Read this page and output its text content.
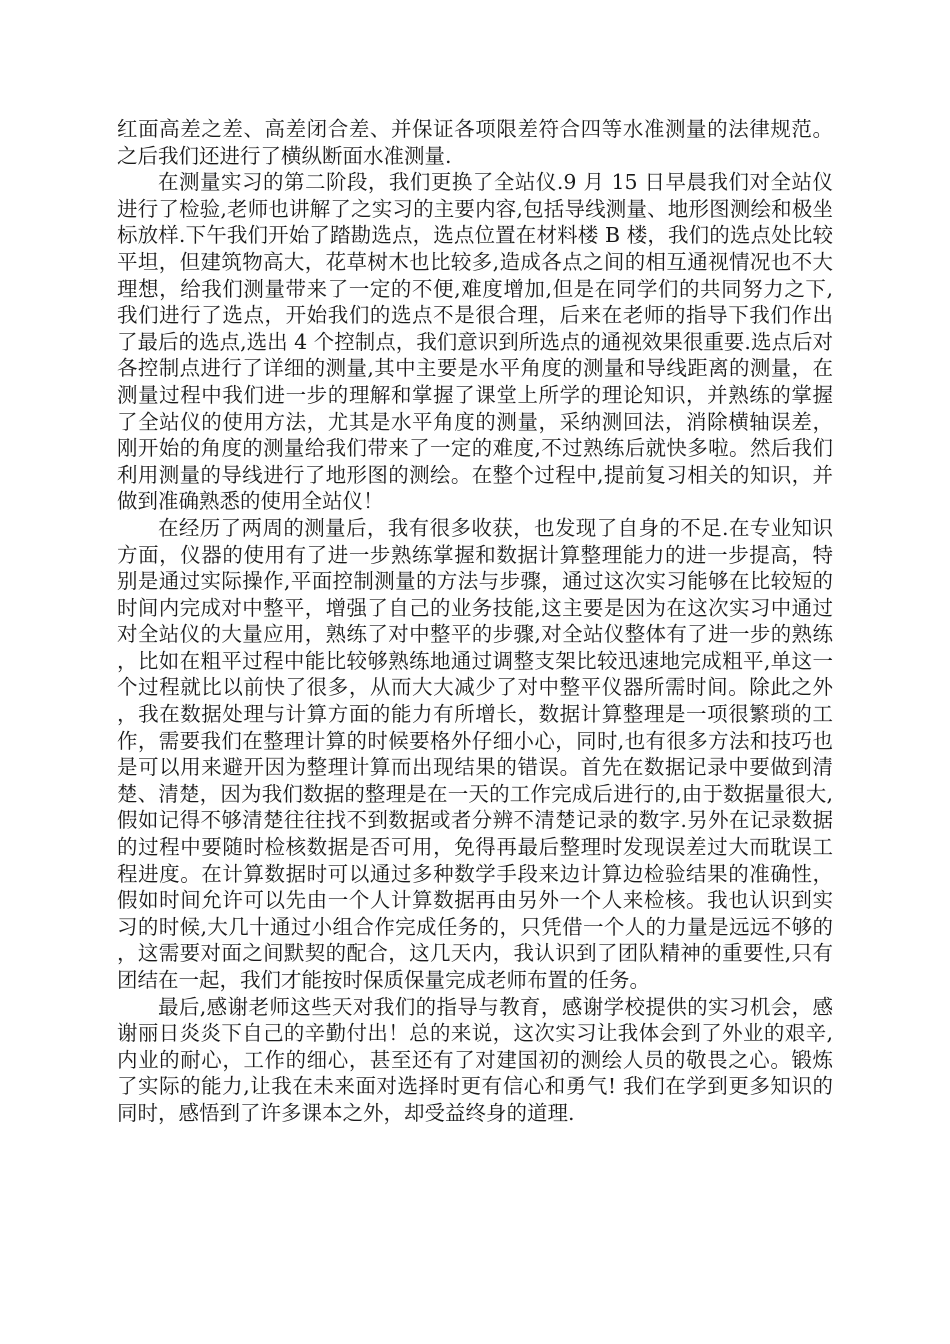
红面高差之差、高差闭合差、并保证各项限差符合四等水准测量的法律规范。之后我们还进行了横纵断面水准测量.

在测量实习的第二阶段，我们更换了全站仪.9 月 15 日早晨我们对全站仪进行了检验,老师也讲解了之实习的主要内容,包括导线测量、地形图测绘和极坐标放样.下午我们开始了踏勘选点，选点位置在材料楼 B 楼，我们的选点处比较平坦，但建筑物高大，花草树木也比较多,造成各点之间的相互通视情况也不大理想，给我们测量带来了一定的不便,难度增加,但是在同学们的共同努力之下,我们进行了选点，开始我们的选点不是很合理，后来在老师的指导下我们作出了最后的选点,选出 4 个控制点，我们意识到所选点的通视效果很重要.选点后对各控制点进行了详细的测量,其中主要是水平角度的测量和导线距离的测量，在测量过程中我们进一步的理解和掌握了课堂上所学的理论知识，并熟练的掌握了全站仪的使用方法，尤其是水平角度的测量，采纳测回法，消除横轴误差，刚开始的角度的测量给我们带来了一定的难度,不过熟练后就快多啦。然后我们利用测量的导线进行了地形图的测绘。在整个过程中,提前复习相关的知识，并做到准确熟悉的使用全站仪！

在经历了两周的测量后，我有很多收获，也发现了自身的不足.在专业知识方面，仪器的使用有了进一步熟练掌握和数据计算整理能力的进一步提高，特别是通过实际操作,平面控制测量的方法与步骤，通过这次实习能够在比较短的时间内完成对中整平，增强了自己的业务技能,这主要是因为在这次实习中通过对全站仪的大量应用，熟练了对中整平的步骤,对全站仪整体有了进一步的熟练，比如在粗平过程中能比较够熟练地通过调整支架比较迅速地完成粗平,单这一个过程就比以前快了很多，从而大大减少了对中整平仪器所需时间。除此之外，我在数据处理与计算方面的能力有所增长，数据计算整理是一项很繁琐的工作，需要我们在整理计算的时候要格外仔细小心，同时,也有很多方法和技巧也是可以用来避开因为整理计算而出现结果的错误。首先在数据记录中要做到清楚、清楚，因为我们数据的整理是在一天的工作完成后进行的,由于数据量很大,假如记得不够清楚往往找不到数据或者分辨不清楚记录的数字.另外在记录数据的过程中要随时检核数据是否可用，免得再最后整理时发现误差过大而耽误工程进度。在计算数据时可以通过多种数学手段来边计算边检验结果的准确性，假如时间允许可以先由一个人计算数据再由另外一个人来检核。我也认识到实习的时候,大几十通过小组合作完成任务的，只凭借一个人的力量是远远不够的，这需要对面之间默契的配合，这几天内，我认识到了团队精神的重要性,只有团结在一起，我们才能按时保质保量完成老师布置的任务。

最后,感谢老师这些天对我们的指导与教育，感谢学校提供的实习机会，感谢丽日炎炎下自己的辛勤付出！总的来说，这次实习让我体会到了外业的艰辛,内业的耐心，工作的细心，甚至还有了对建国初的测绘人员的敬畏之心。锻炼了实际的能力,让我在未来面对选择时更有信心和勇气! 我们在学到更多知识的同时，感悟到了许多课本之外，却受益终身的道理.
